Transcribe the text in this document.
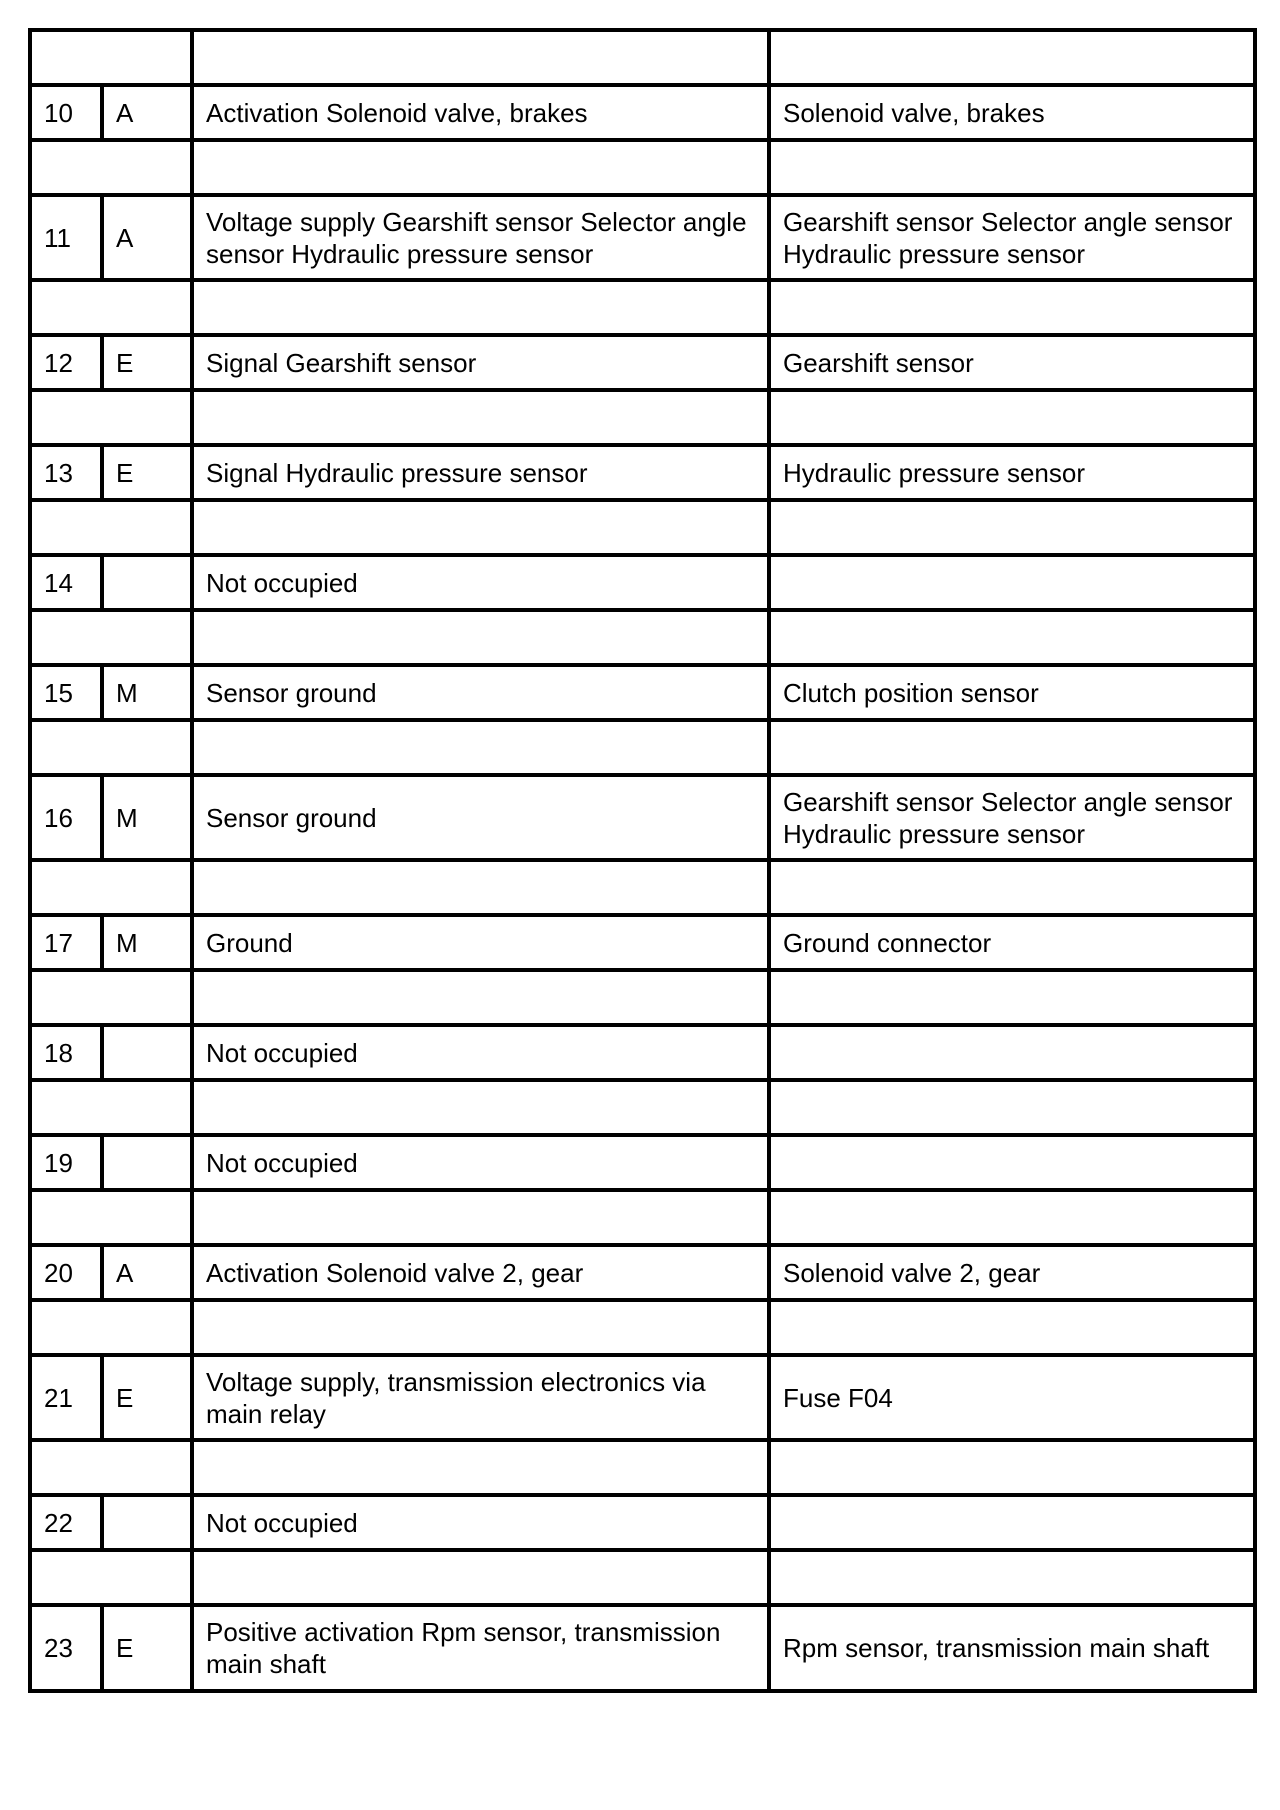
10	A	Activation Solenoid valve, brakes	Solenoid valve, brakes

11	A	Voltage supply Gearshift sensor Selector angle sensor Hydraulic pressure sensor	Gearshift sensor Selector angle sensor Hydraulic pressure sensor

12	E	Signal Gearshift sensor	Gearshift sensor

13	E	Signal Hydraulic pressure sensor	Hydraulic pressure sensor

14		Not occupied	

15	M	Sensor ground	Clutch position sensor

16	M	Sensor ground	Gearshift sensor Selector angle sensor Hydraulic pressure sensor

17	M	Ground	Ground connector

18		Not occupied	

19		Not occupied	

20	A	Activation Solenoid valve 2, gear	Solenoid valve 2, gear

21	E	Voltage supply, transmission electronics via main relay	Fuse F04

22		Not occupied	

23	E	Positive activation Rpm sensor, transmission main shaft	Rpm sensor, transmission main shaft
